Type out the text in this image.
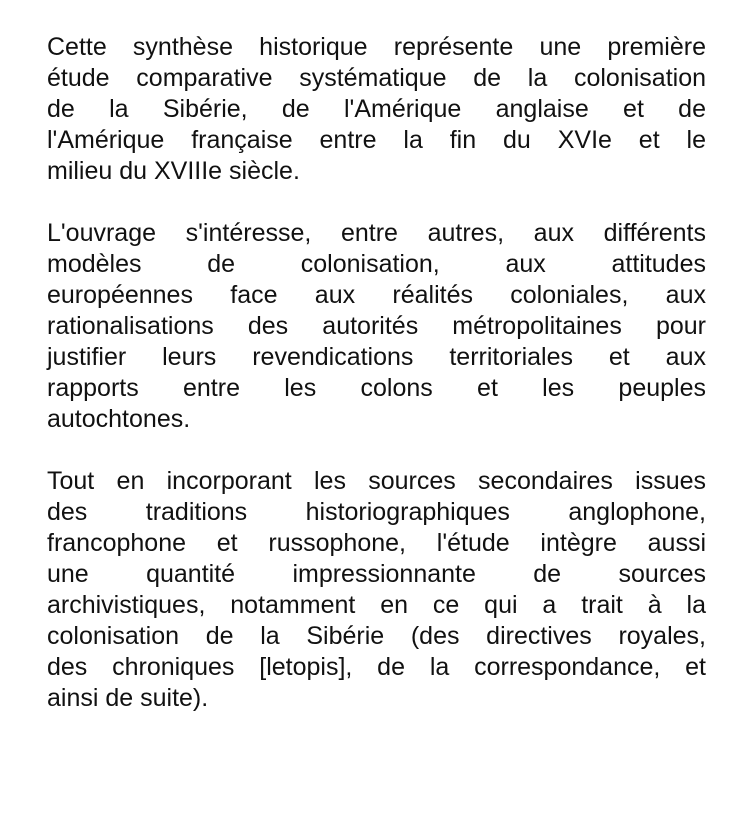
Cette synthèse historique représente une première
étude comparative systématique de la colonisation
de la Sibérie, de l'Amérique anglaise et de
l'Amérique française entre la fin du XVIe et le
milieu du XVIIIe siècle.
L'ouvrage s'intéresse, entre autres, aux différents
modèles de colonisation, aux attitudes
européennes face aux réalités coloniales, aux
rationalisations des autorités métropolitaines pour
justifier leurs revendications territoriales et aux
rapports entre les colons et les peuples
autochtones.
Tout en incorporant les sources secondaires issues
des traditions historiographiques anglophone,
francophone et russophone, l'étude intègre aussi
une quantité impressionnante de sources
archivistiques, notamment en ce qui a trait à la
colonisation de la Sibérie (des directives royales,
des chroniques [letopis], de la correspondance, et
ainsi de suite).
